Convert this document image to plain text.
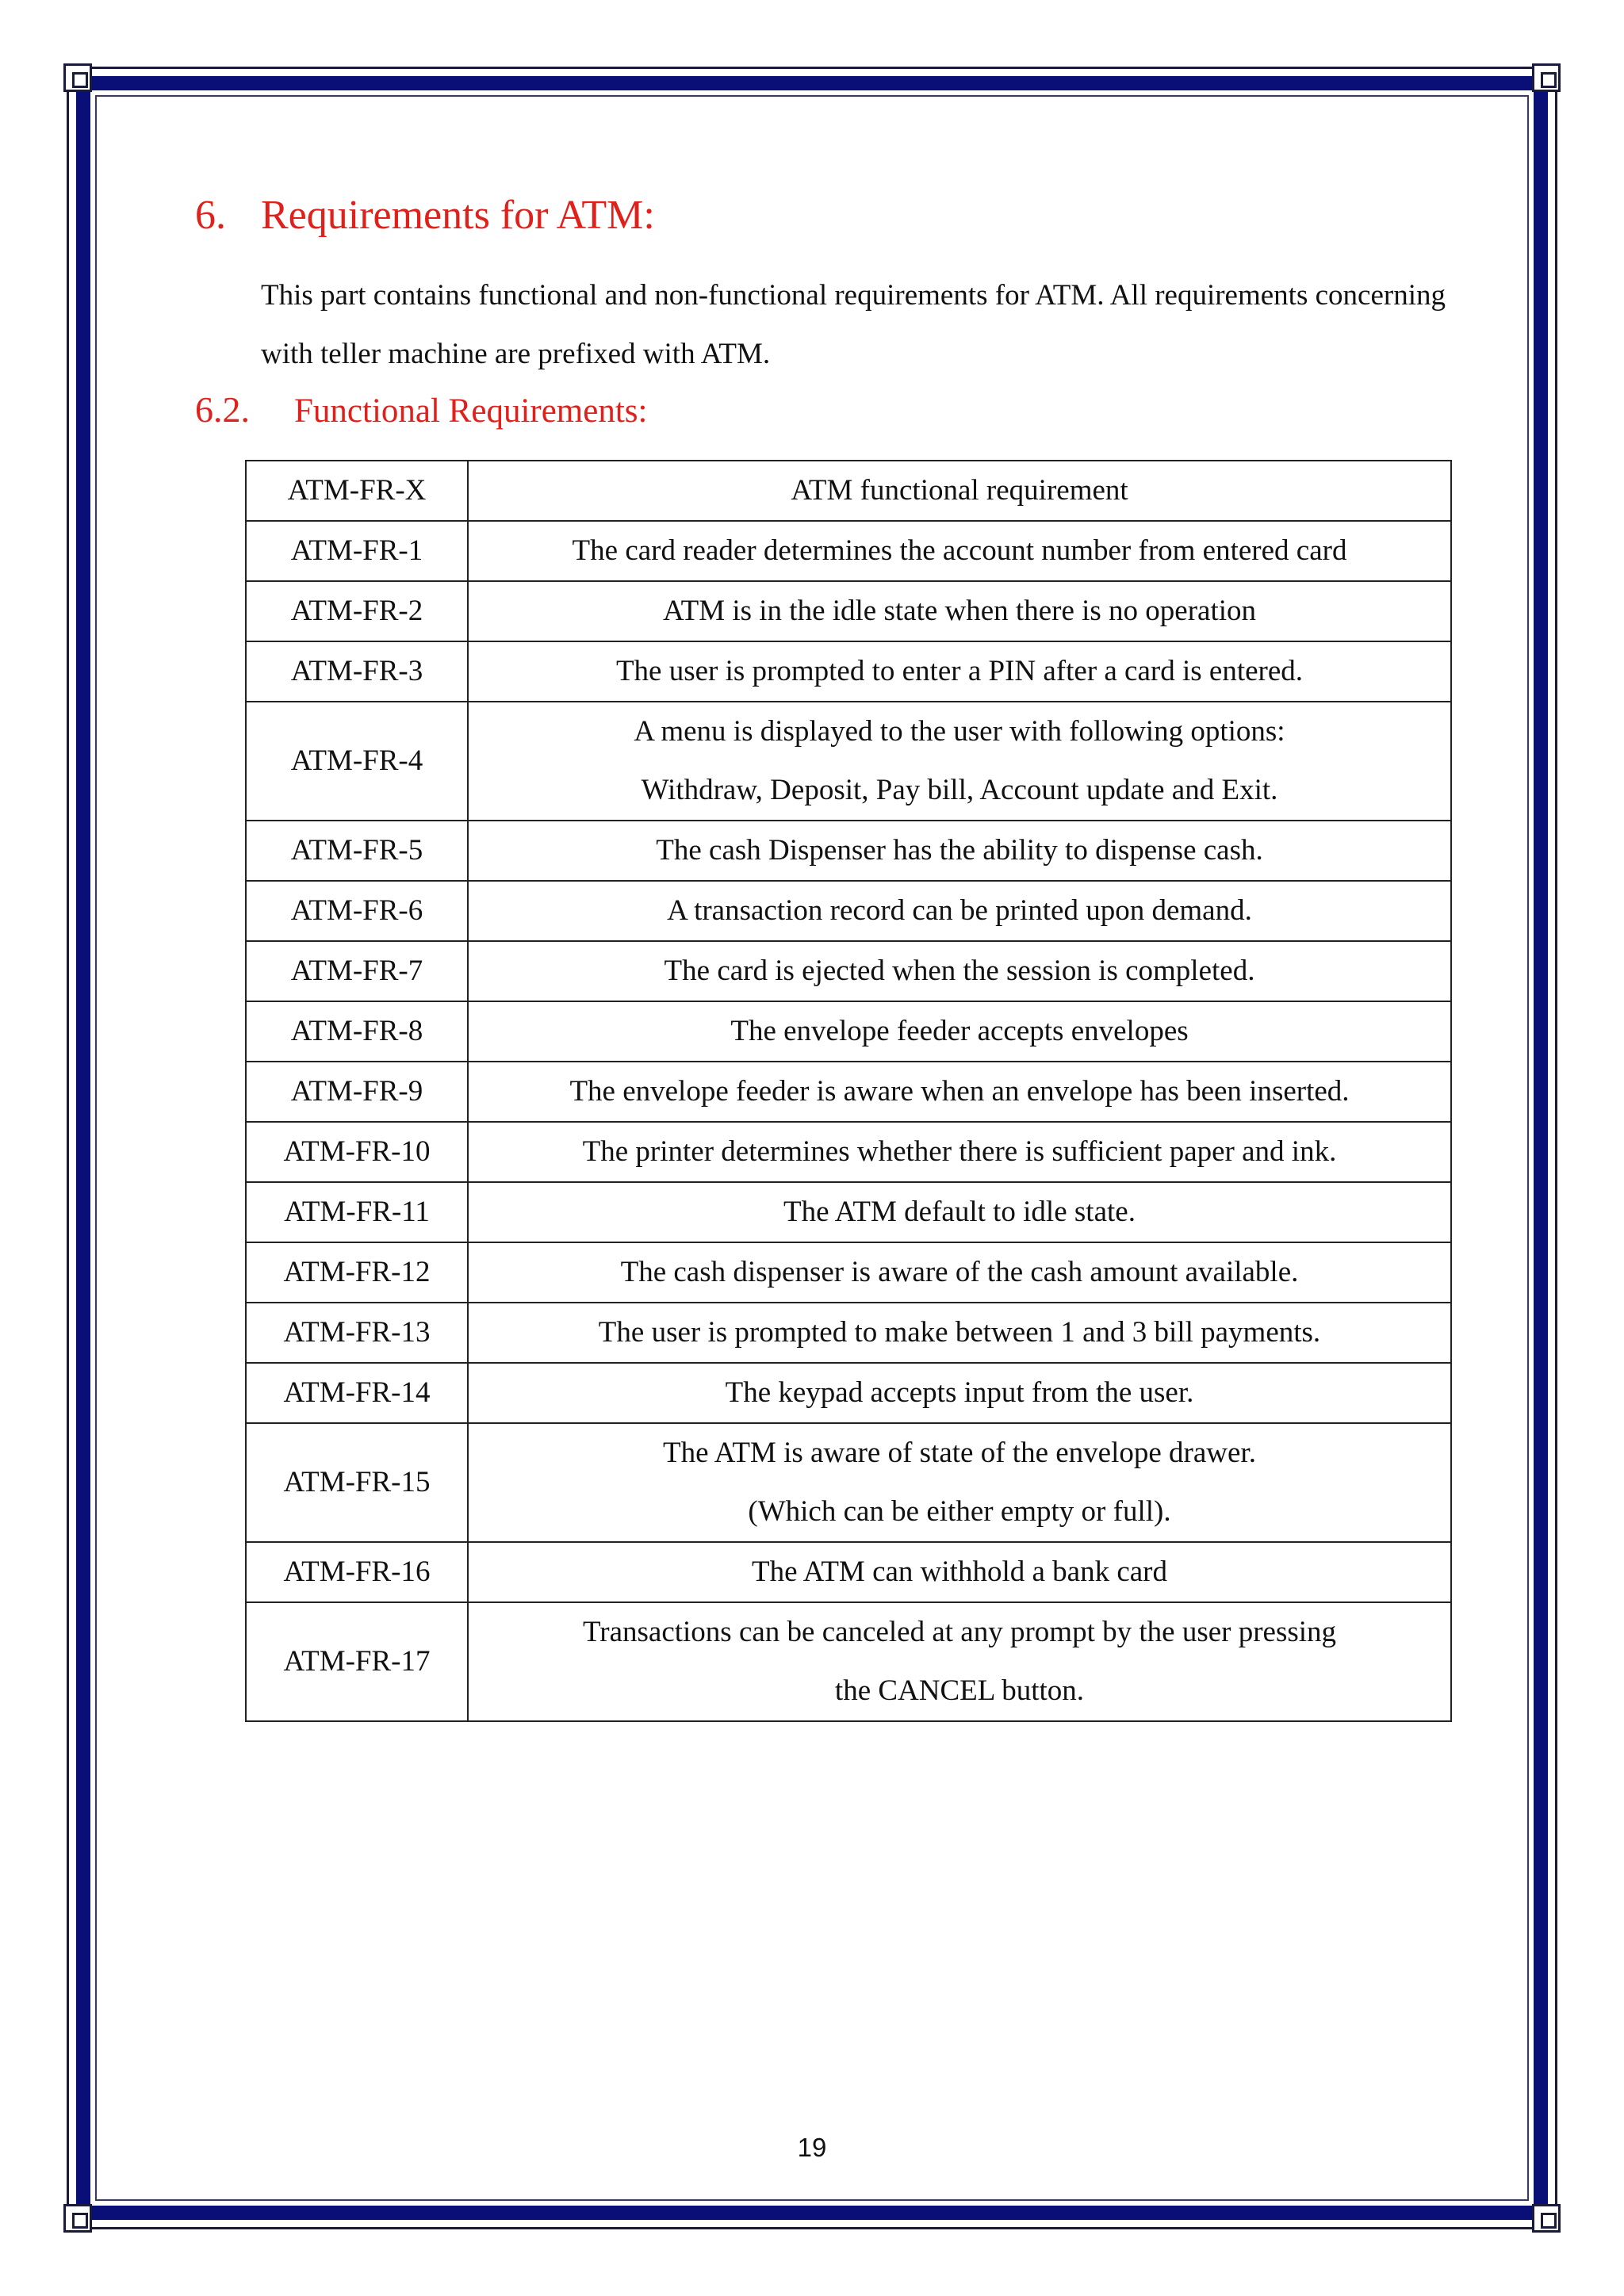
6. Requirements for ATM:

This part contains functional and non-functional requirements for ATM. All requirements concerning with teller machine are prefixed with ATM.

6.2. Functional Requirements:
ATM-FR-X	ATM functional requirement
ATM-FR-1	The card reader determines the account number from entered card

ATM-FR-2	ATM is in the idle state when there is no operation

ATM-FR-3	The user is prompted to enter a PIN after a card is entered.

ATM-FR-4	A menu is displayed to the user with following options:
Withdraw, Deposit, Pay bill, Account update and Exit.

ATM-FR-5	The cash Dispenser has the ability to dispense cash.

ATM-FR-6	A transaction record can be printed upon demand.

ATM-FR-7	The card is ejected when the session is completed.

ATM-FR-8	The envelope feeder accepts envelopes

ATM-FR-9	The envelope feeder is aware when an envelope has been inserted.

ATM-FR-10	The printer determines whether there is sufficient paper and ink.

ATM-FR-11	The ATM default to idle state.

ATM-FR-12	The cash dispenser is aware of the cash amount available.

ATM-FR-13	The user is prompted to make between 1 and 3 bill payments.

ATM-FR-14	The keypad accepts input from the user.

ATM-FR-15	The ATM is aware of state of the envelope drawer.
(Which can be either empty or full).

ATM-FR-16	The ATM can withhold a bank card

ATM-FR-17	Transactions can be canceled at any prompt by the user pressing
the CANCEL button.
19
